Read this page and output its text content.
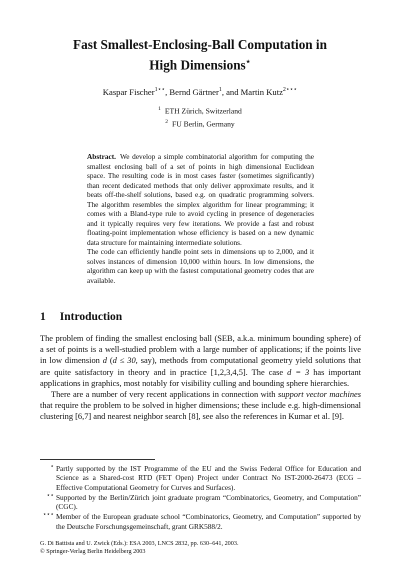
Fast Smallest-Enclosing-Ball Computation in
High Dimensions⋆
Kaspar Fischer$^{1⋆⋆}$, Bernd Gärtner$^1$, and Martin Kutz$^{2⋆⋆⋆}$
$^1$ ETH Zürich, Switzerland
$^2$ FU Berlin, Germany

Abstract. We develop a simple combinatorial algorithm for computing the smallest enclosing ball of a set of points in high dimensional Euclidean space. The resulting code is in most cases faster (sometimes significantly) than recent dedicated methods that only deliver approximate results, and it beats off-the-shelf solutions, based e.g. on quadratic programming solvers. The algorithm resembles the simplex algorithm for linear programming; it comes with a Bland-type rule to avoid cycling in presence of degeneracies and it typically requires very few iterations. We provide a fast and robust floating-point implementation whose efficiency is based on a new dynamic data structure for maintaining intermediate solutions.

The code can efficiently handle point sets in dimensions up to 2,000, and it solves instances of dimension 10,000 within hours. In low dimensions, the algorithm can keep up with the fastest computational geometry codes that are available.

1 Introduction

The problem of finding the smallest enclosing ball (SEB, a.k.a. minimum bounding sphere) of a set of points is a well-studied problem with a large number of applications; if the points live in low dimension d (d ≤ 30, say), methods from computational geometry yield solutions that are quite satisfactory in theory and in practice [1,2,3,4,5]. The case d = 3 has important applications in graphics, most notably for visibility culling and bounding sphere hierarchies.

There are a number of very recent applications in connection with support vector machines that require the problem to be solved in higher dimensions; these include e.g. high-dimensional clustering [6,7] and nearest neighbor search [8], see also the references in Kumar et al. [9].

⋆ Partly supported by the IST Programme of the EU and the Swiss Federal Office for Education and Science as a Shared-cost RTD (FET Open) Project under Contract No IST-2000-26473 (ECG – Effective Computational Geometry for Curves and Surfaces).
⋆⋆ Supported by the Berlin/Zürich joint graduate program “Combinatorics, Geometry, and Computation” (CGC).
⋆⋆⋆ Member of the European graduate school “Combinatorics, Geometry, and Computation” supported by the Deutsche Forschungsgemeinschaft, grant GRK588/2.
G. Di Battista and U. Zwick (Eds.): ESA 2003, LNCS 2832, pp. 630–641, 2003.
© Springer-Verlag Berlin Heidelberg 2003
